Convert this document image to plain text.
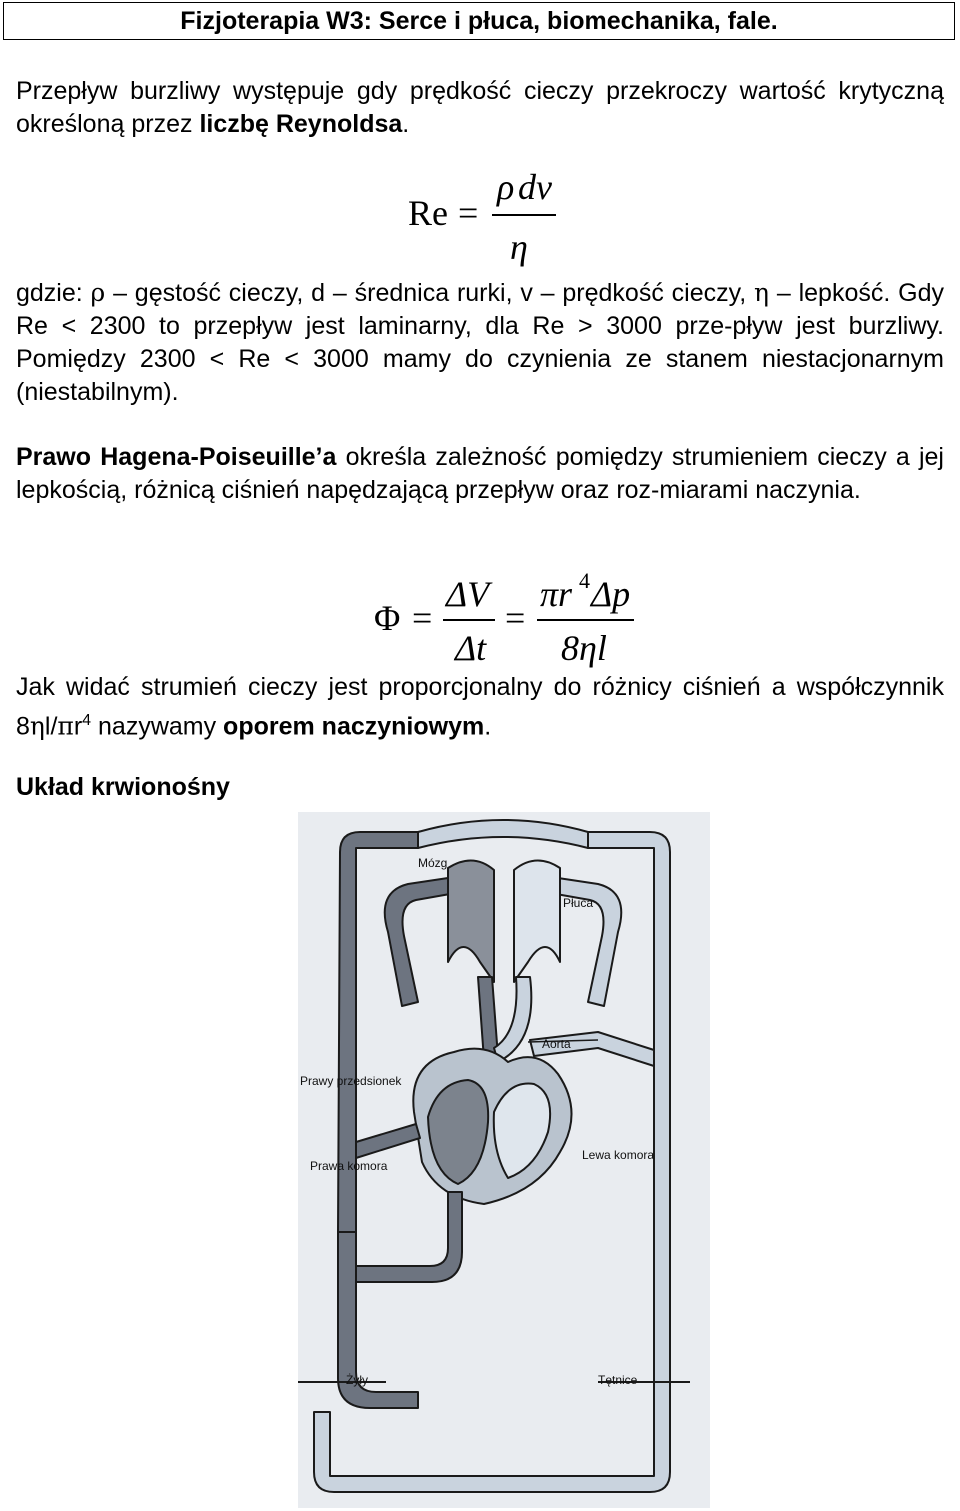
Fizjoterapia W3: Serce i płuca, biomechanika, fale.

Przepływ burzliwy występuje gdy prędkość cieczy przekroczy wartość krytyczną określoną przez liczbę Reynoldsa.

Re =
ρ dv
η

gdzie: ρ – gęstość cieczy, d – średnica rurki, v – prędkość cieczy, η – lepkość. Gdy Re < 2300 to przepływ jest laminarny, dla Re > 3000 prze-pływ jest burzliwy. Pomiędzy 2300 < Re < 3000 mamy do czynienia ze stanem niestacjonarnym (niestabilnym).

Prawo Hagena-Poiseuille’a określa zależność pomiędzy strumieniem cieczy a jej lepkością, różnicą ciśnień napędzającą przepływ oraz roz-miarami naczynia.

Φ =
ΔV
Δt
=
πr 4 Δp
8ηl

Jak widać strumień cieczy jest proporcjonalny do różnicy ciśnień a współczynnik $8\eta l/\pi r^4$ nazywamy oporem naczyniowym.

Układ krwionośny
Mózg
Płuca
Aorta
Prawy przedsionek
Prawa komora
Lewa komora
Żyły	Tętnice
